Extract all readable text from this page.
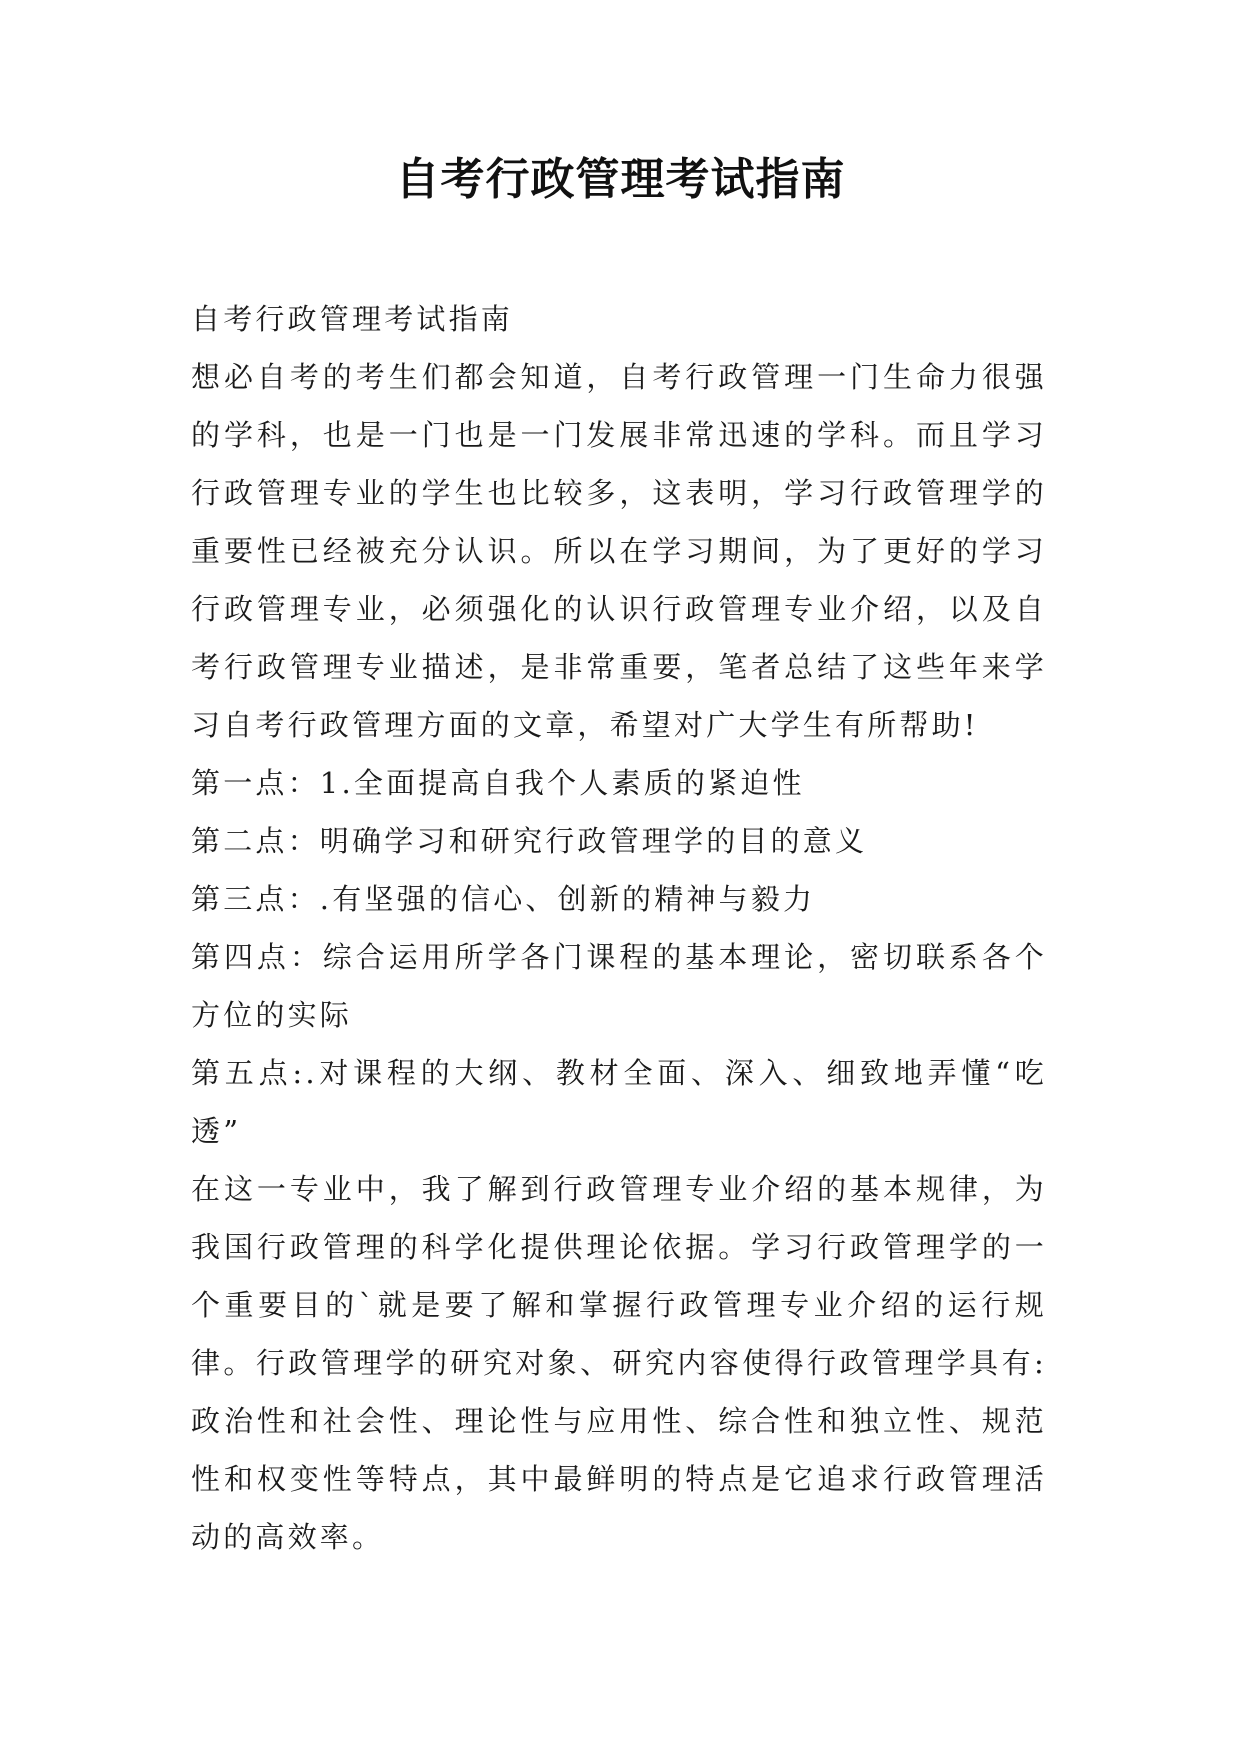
自考行政管理考试指南

自考行政管理考试指南

想必自考的考生们都会知道，自考行政管理一门生命力很强的学科，也是一门也是一门发展非常迅速的学科。而且学习行政管理专业的学生也比较多，这表明，学习行政管理学的重要性已经被充分认识。所以在学习期间，为了更好的学习行政管理专业，必须强化的认识行政管理专业介绍，以及自考行政管理专业描述，是非常重要，笔者总结了这些年来学习自考行政管理方面的文章，希望对广大学生有所帮助!

第一点：1.全面提高自我个人素质的紧迫性

第二点：明确学习和研究行政管理学的目的意义

第三点：.有坚强的信心、创新的精神与毅力

第四点：综合运用所学各门课程的基本理论，密切联系各个方位的实际

第五点:.对课程的大纲、教材全面、深入、细致地弄懂“吃透”

在这一专业中，我了解到行政管理专业介绍的基本规律，为我国行政管理的科学化提供理论依据。学习行政管理学的一个重要目的`就是要了解和掌握行政管理专业介绍的运行规律。行政管理学的研究对象、研究内容使得行政管理学具有:政治性和社会性、理论性与应用性、综合性和独立性、规范性和权变性等特点，其中最鲜明的特点是它追求行政管理活动的高效率。
